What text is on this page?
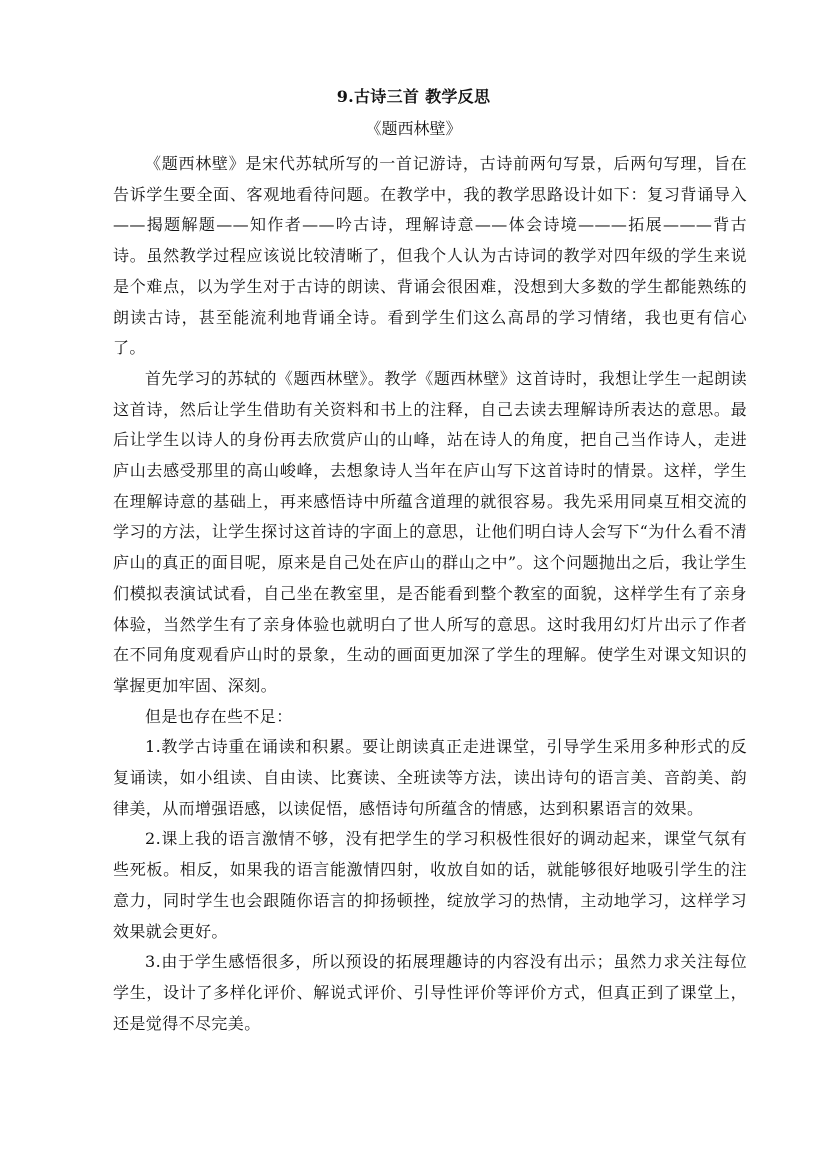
9.古诗三首 教学反思
《题西林壁》

《题西林壁》是宋代苏轼所写的一首记游诗，古诗前两句写景，后两句写理，旨在告诉学生要全面、客观地看待问题。在教学中，我的教学思路设计如下：复习背诵导入——揭题解题——知作者——吟古诗，理解诗意——体会诗境———拓展———背古诗。虽然教学过程应该说比较清晰了，但我个人认为古诗词的教学对四年级的学生来说是个难点，以为学生对于古诗的朗读、背诵会很困难，没想到大多数的学生都能熟练的朗读古诗，甚至能流利地背诵全诗。看到学生们这么高昂的学习情绪，我也更有信心了。

首先学习的苏轼的《题西林壁》。教学《题西林壁》这首诗时，我想让学生一起朗读这首诗，然后让学生借助有关资料和书上的注释，自己去读去理解诗所表达的意思。最后让学生以诗人的身份再去欣赏庐山的山峰，站在诗人的角度，把自己当作诗人，走进庐山去感受那里的高山峻峰，去想象诗人当年在庐山写下这首诗时的情景。这样，学生在理解诗意的基础上，再来感悟诗中所蕴含道理的就很容易。我先采用同桌互相交流的学习的方法，让学生探讨这首诗的字面上的意思，让他们明白诗人会写下“为什么看不清庐山的真正的面目呢，原来是自己处在庐山的群山之中”。这个问题抛出之后，我让学生们模拟表演试试看，自己坐在教室里，是否能看到整个教室的面貌，这样学生有了亲身体验，当然学生有了亲身体验也就明白了世人所写的意思。这时我用幻灯片出示了作者在不同角度观看庐山时的景象，生动的画面更加深了学生的理解。使学生对课文知识的掌握更加牢固、深刻。

但是也存在些不足：

1.教学古诗重在诵读和积累。要让朗读真正走进课堂，引导学生采用多种形式的反复诵读，如小组读、自由读、比赛读、全班读等方法，读出诗句的语言美、音韵美、韵律美，从而增强语感，以读促悟，感悟诗句所蕴含的情感，达到积累语言的效果。

2.课上我的语言激情不够，没有把学生的学习积极性很好的调动起来，课堂气氛有些死板。相反，如果我的语言能激情四射，收放自如的话，就能够很好地吸引学生的注意力，同时学生也会跟随你语言的抑扬顿挫，绽放学习的热情，主动地学习，这样学习效果就会更好。

3.由于学生感悟很多，所以预设的拓展理趣诗的内容没有出示；虽然力求关注每位学生，设计了多样化评价、解说式评价、引导性评价等评价方式，但真正到了课堂上，还是觉得不尽完美。
